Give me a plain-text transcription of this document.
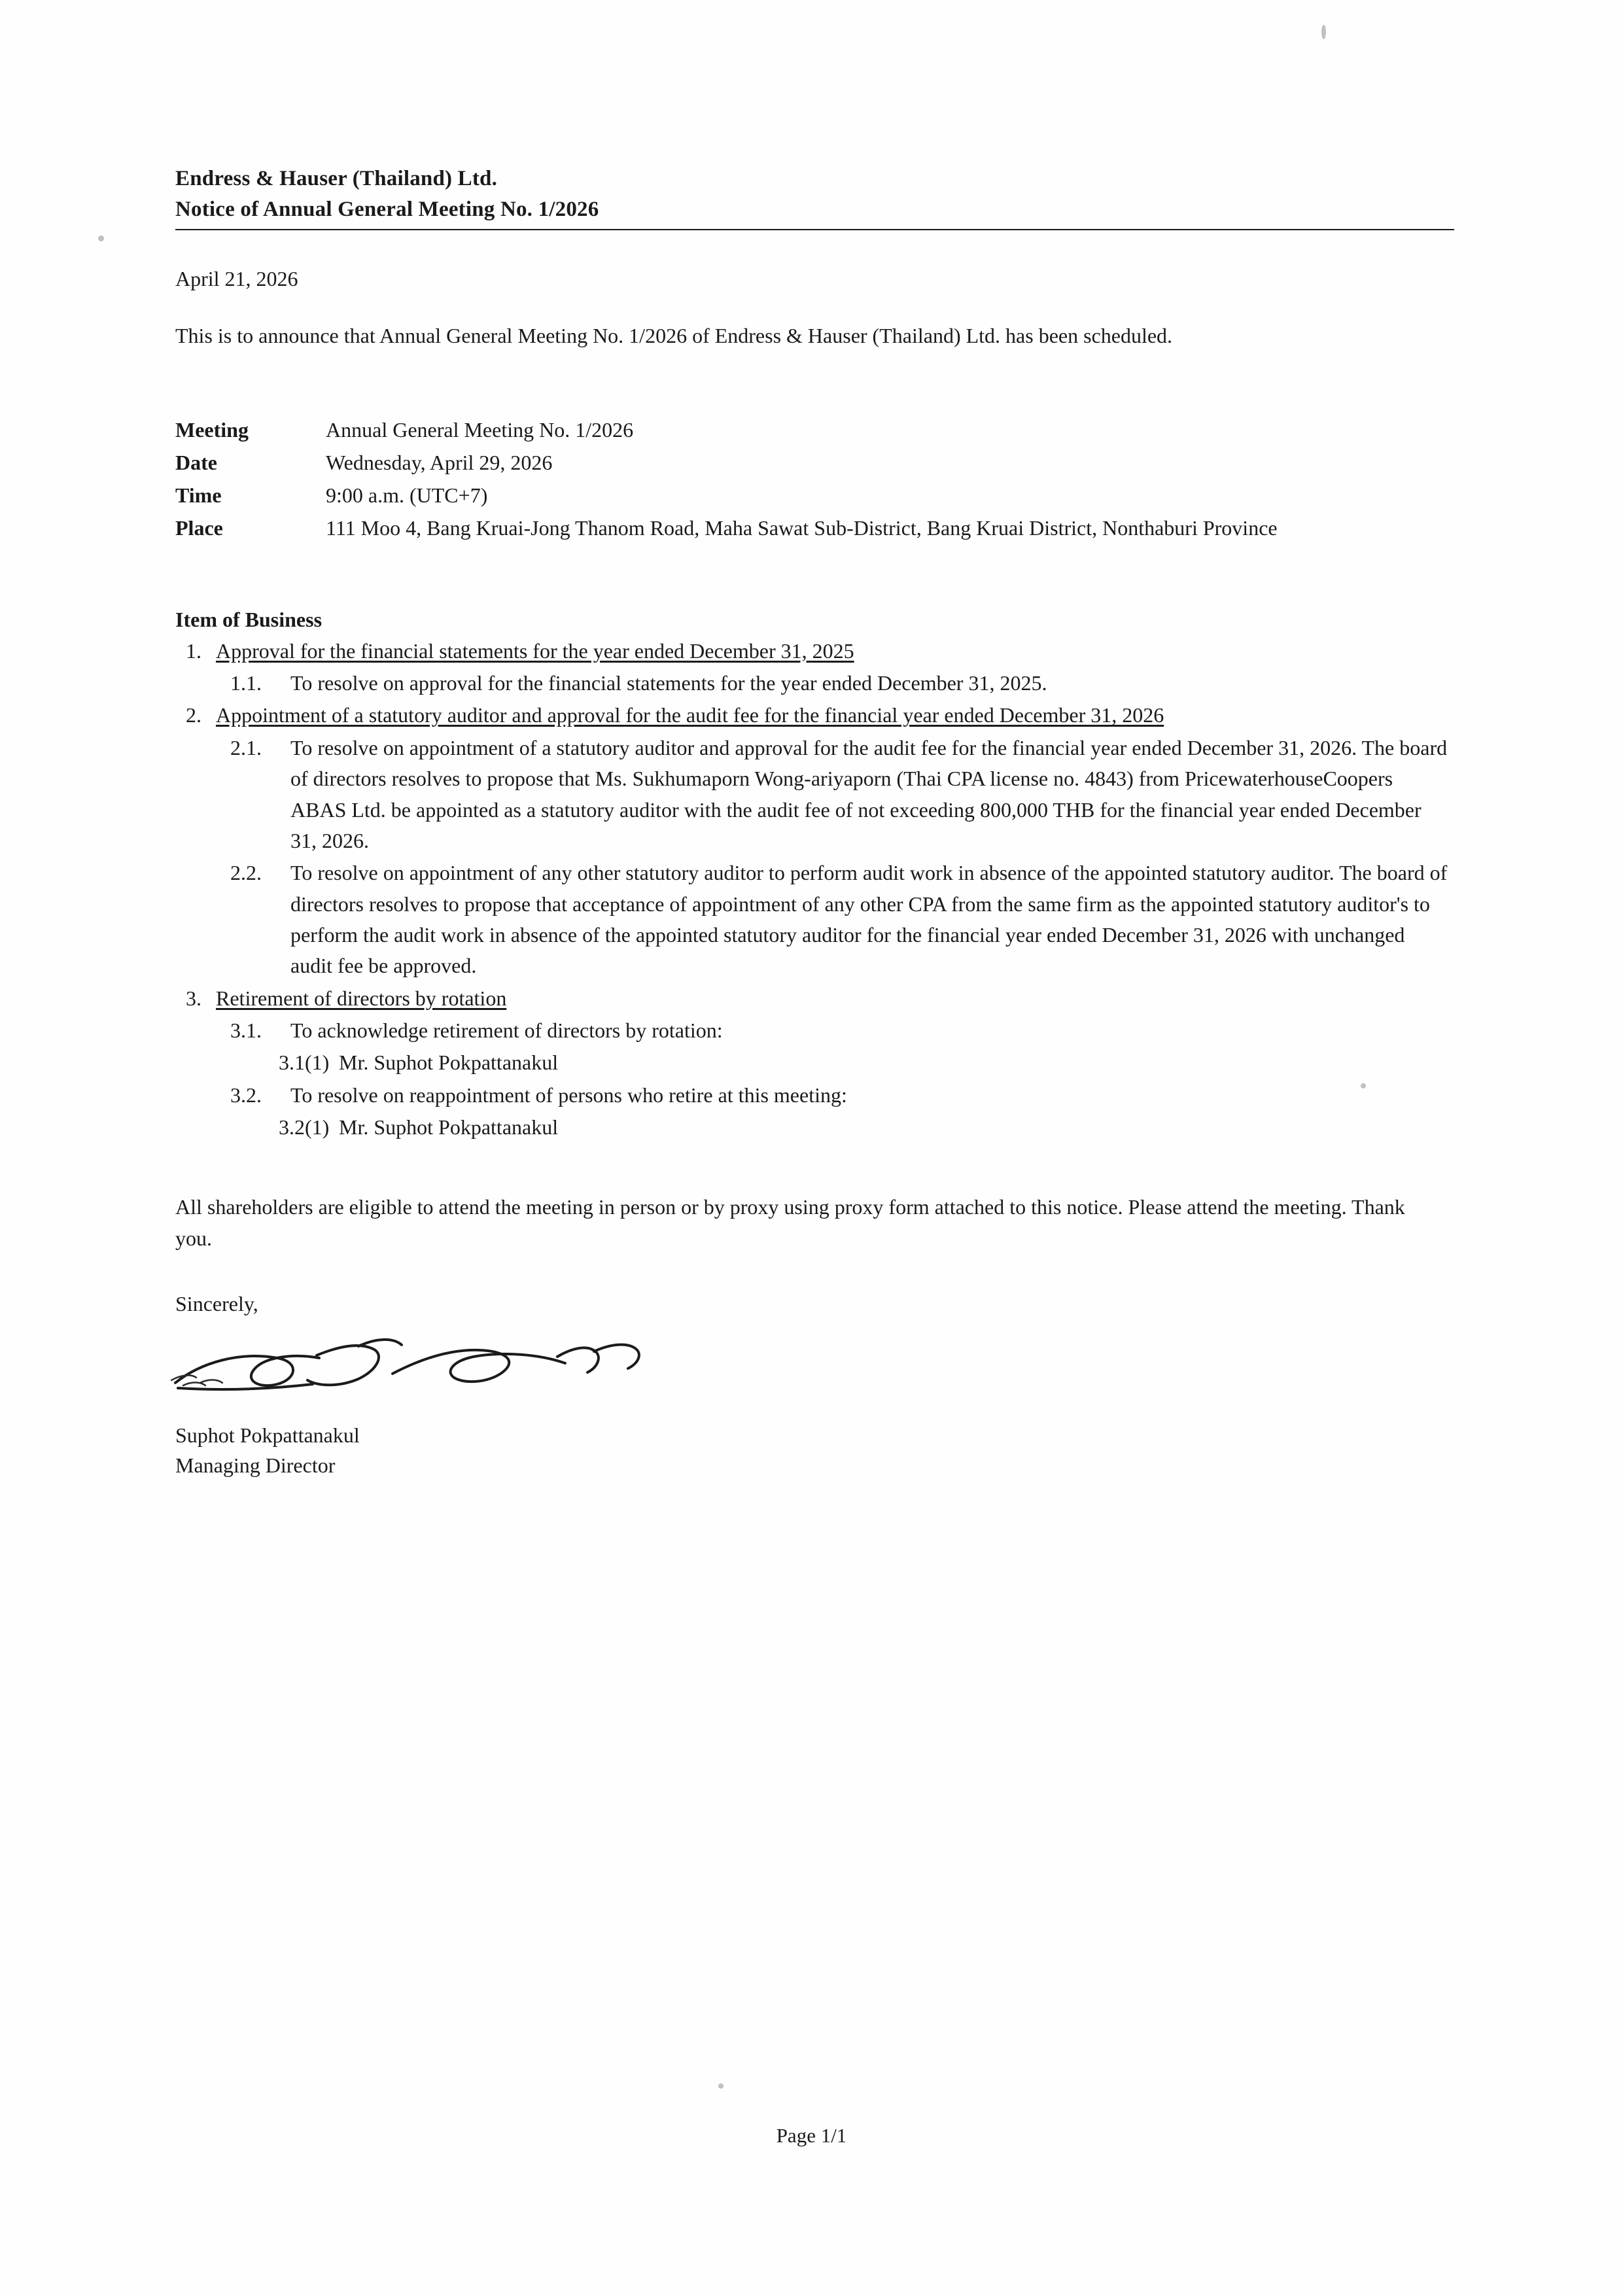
Endress & Hauser (Thailand) Ltd.
Notice of Annual General Meeting No. 1/2026
April 21, 2026
This is to announce that Annual General Meeting No. 1/2026 of Endress & Hauser (Thailand) Ltd. has been scheduled.
Meeting	Annual General Meeting No. 1/2026
Date	Wednesday, April 29, 2026
Time	9:00 a.m. (UTC+7)
Place	111 Moo 4, Bang Kruai-Jong Thanom Road, Maha Sawat Sub-District, Bang Kruai District, Nonthaburi Province
Item of Business
1. Approval for the financial statements for the year ended December 31, 2025
1.1.	To resolve on approval for the financial statements for the year ended December 31, 2025.
2. Appointment of a statutory auditor and approval for the audit fee for the financial year ended December 31, 2026
2.1.	To resolve on appointment of a statutory auditor and approval for the audit fee for the financial year ended December 31, 2026. The board of directors resolves to propose that Ms. Sukhumaporn Wong-ariyaporn (Thai CPA license no. 4843) from PricewaterhouseCoopers ABAS Ltd. be appointed as a statutory auditor with the audit fee of not exceeding 800,000 THB for the financial year ended December 31, 2026.
2.2.	To resolve on appointment of any other statutory auditor to perform audit work in absence of the appointed statutory auditor. The board of directors resolves to propose that acceptance of appointment of any other CPA from the same firm as the appointed statutory auditor's to perform the audit work in absence of the appointed statutory auditor for the financial year ended December 31, 2026 with unchanged audit fee be approved.
3. Retirement of directors by rotation
3.1.	To acknowledge retirement of directors by rotation:
3.1(1) Mr. Suphot Pokpattanakul
3.2.	To resolve on reappointment of persons who retire at this meeting:
3.2(1) Mr. Suphot Pokpattanakul
All shareholders are eligible to attend the meeting in person or by proxy using proxy form attached to this notice. Please attend the meeting. Thank you.
Sincerely,
Suphot Pokpattanakul
Managing Director
Page 1/1
